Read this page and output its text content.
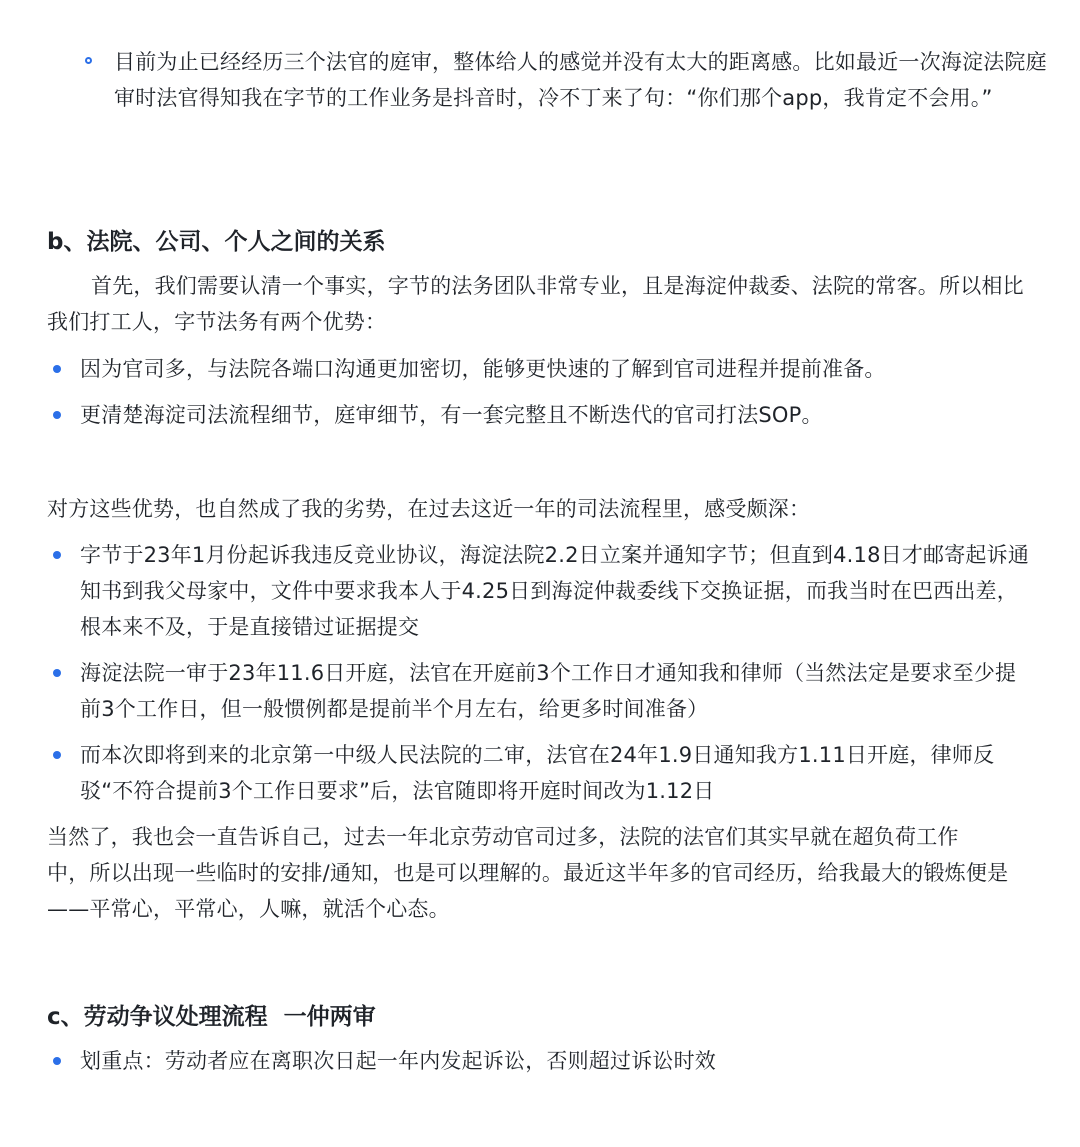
目前为止已经经历三个法官的庭审，整体给人的感觉并没有太大的距离感。比如最近一次海淀法院庭审时法官得知我在字节的工作业务是抖音时，冷不丁来了句：“你们那个app，我肯定不会用。”
b、法院、公司、个人之间的关系
首先，我们需要认清一个事实，字节的法务团队非常专业，且是海淀仲裁委、法院的常客。所以相比我们打工人，字节法务有两个优势：
因为官司多，与法院各端口沟通更加密切，能够更快速的了解到官司进程并提前准备。
更清楚海淀司法流程细节，庭审细节，有一套完整且不断迭代的官司打法SOP。
对方这些优势，也自然成了我的劣势，在过去这近一年的司法流程里，感受颇深：
字节于23年1月份起诉我违反竞业协议，海淀法院2.2日立案并通知字节；但直到4.18日才邮寄起诉通知书到我父母家中，文件中要求我本人于4.25日到海淀仲裁委线下交换证据，而我当时在巴西出差，根本来不及，于是直接错过证据提交
海淀法院一审于23年11.6日开庭，法官在开庭前3个工作日才通知我和律师（当然法定是要求至少提前3个工作日，但一般惯例都是提前半个月左右，给更多时间准备）
而本次即将到来的北京第一中级人民法院的二审，法官在24年1.9日通知我方1.11日开庭，律师反驳“不符合提前3个工作日要求”后，法官随即将开庭时间改为1.12日
当然了，我也会一直告诉自己，过去一年北京劳动官司过多，法院的法官们其实早就在超负荷工作
中，所以出现一些临时的安排/通知，也是可以理解的。最近这半年多的官司经历，给我最大的锻炼便是——平常心，平常心，人嘛，就活个心态。
c、劳动争议处理流程  一仲两审
划重点：劳动者应在离职次日起一年内发起诉讼，否则超过诉讼时效
